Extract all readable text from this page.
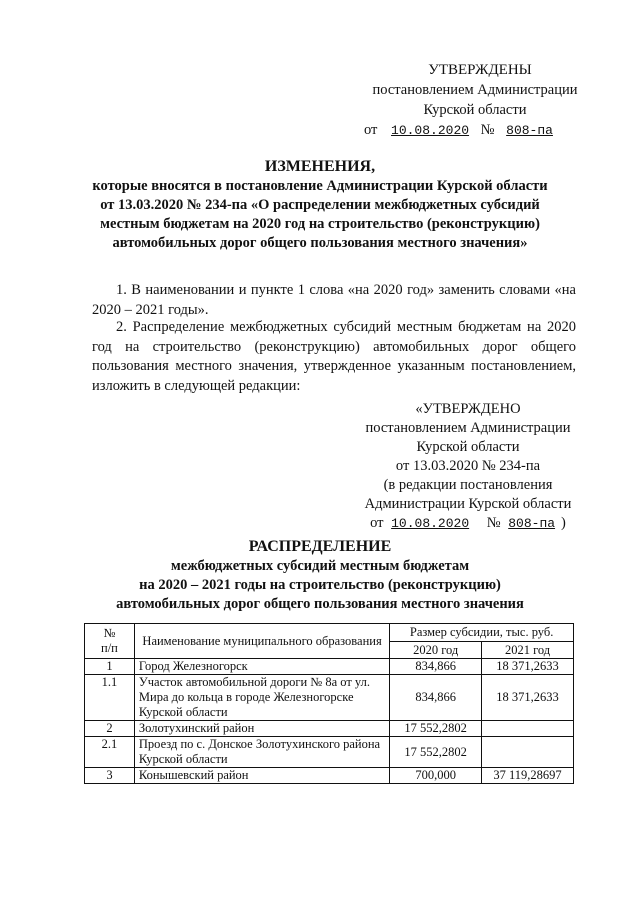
УТВЕРЖДЕНЫ
постановлением Администрации
Курской области
от 10.08.2020 № 808-па
ИЗМЕНЕНИЯ,
которые вносятся в постановление Администрации Курской области
от 13.03.2020 № 234-па «О распределении межбюджетных субсидий
местным бюджетам на 2020 год на строительство (реконструкцию)
автомобильных дорог общего пользования местного значения»
1. В наименовании и пункте 1 слова «на 2020 год» заменить словами «на 2020 – 2021 годы».
2. Распределение межбюджетных субсидий местным бюджетам на 2020 год на строительство (реконструкцию) автомобильных дорог общего пользования местного значения, утвержденное указанным постановлением, изложить в следующей редакции:
«УТВЕРЖДЕНО
постановлением Администрации
Курской области
от 13.03.2020 № 234-па
(в редакции постановления
Администрации Курской области
от 10.08.2020 № 808-па )
РАСПРЕДЕЛЕНИЕ
межбюджетных субсидий местным бюджетам
на 2020 – 2021 годы на строительство (реконструкцию)
автомобильных дорог общего пользования местного значения
№
п/п	Наименование муниципального образования	Размер субсидии, тыс. руб.	
		2020 год	2021 год
1	Город Железногорск	834,866	18 371,2633
1.1	Участок автомобильной дороги № 8а от ул. Мира до кольца в городе Железногорске Курской области	834,866	18 371,2633
2	Золотухинский район	17 552,2802	
2.1	Проезд по с. Донское Золотухинского района Курской области	17 552,2802	
3	Конышевский район	700,000	37 119,28697
